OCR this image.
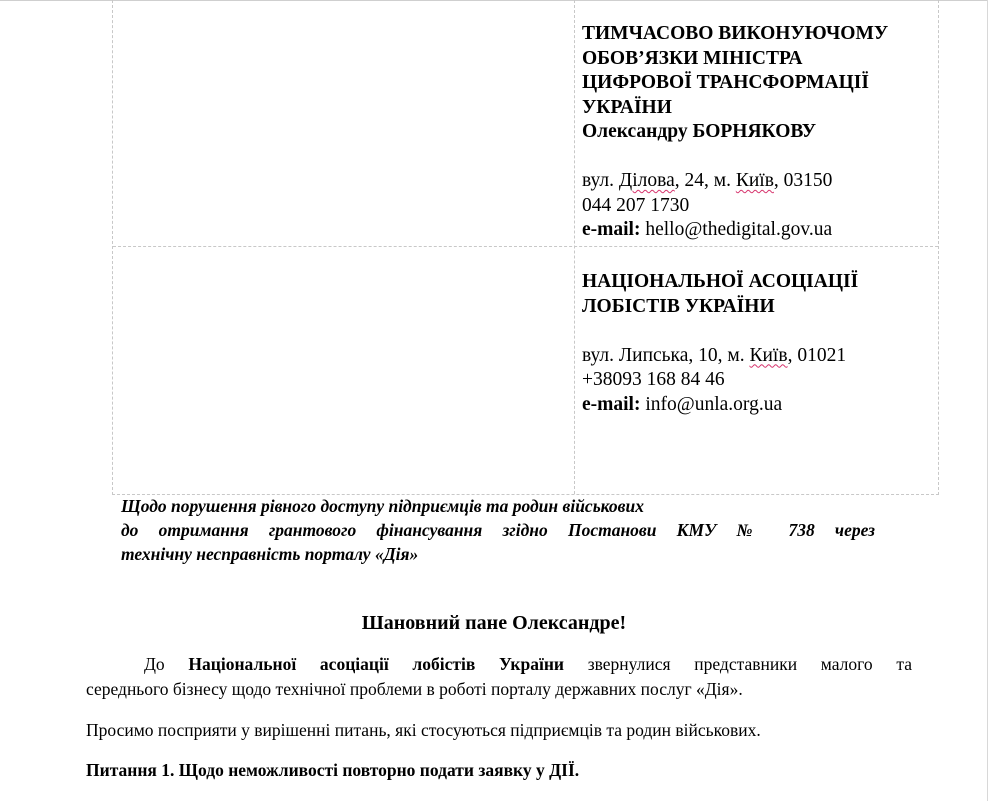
ТИМЧАСОВО ВИКОНУЮЧОМУ
ОБОВ’ЯЗКИ МІНІСТРА
ЦИФРОВОЇ ТРАНСФОРМАЦІЇ
УКРАЇНИ
Олександру БОРНЯКОВУ
вул. Ділова, 24, м. Київ, 03150
044 207 1730
e-mail: hello@thedigital.gov.ua
НАЦІОНАЛЬНОЇ АСОЦІАЦІЇ
ЛОБІСТІВ УКРАЇНИ
вул. Липська, 10, м. Київ, 01021
+38093 168 84 46
e-mail: info@unla.org.ua
Щодо порушення рівного доступу підприємців та родин військових
до отримання грантового фінансування згідно Постанови КМУ № 738 через
технічну несправність порталу «Дія»
Шановний пане Олександре!
До Національної асоціації лобістів України звернулися представники малого та
середнього бізнесу щодо технічної проблеми в роботі порталу державних послуг «Дія».
Просимо посприяти у вирішенні питань, які стосуються підприємців та родин військових.
Питання 1. Щодо неможливості повторно подати заявку у ДІЇ.
